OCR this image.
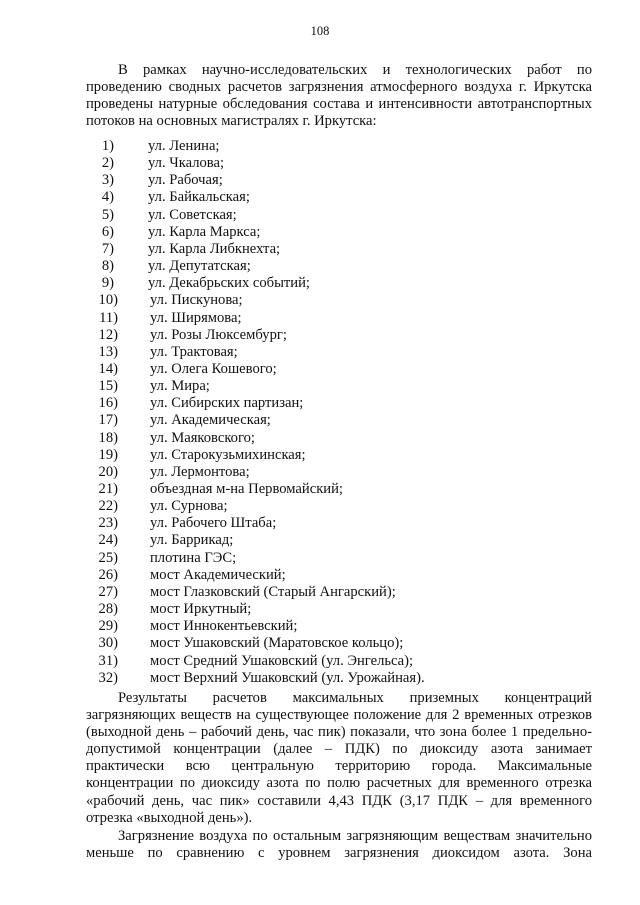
108

В рамках научно-исследовательских и технологических работ по проведению сводных расчетов загрязнения атмосферного воздуха г. Иркутска проведены натурные обследования состава и интенсивности автотранспортных потоков на основных магистралях г. Иркутска:

1) ул. Ленина;
2) ул. Чкалова;
3) ул. Рабочая;
4) ул. Байкальская;
5) ул. Советская;
6) ул. Карла Маркса;
7) ул. Карла Либкнехта;
8) ул. Депутатская;
9) ул. Декабрьских событий;
10) ул. Пискунова;
11) ул. Ширямова;
12) ул. Розы Люксембург;
13) ул. Трактовая;
14) ул. Олега Кошевого;
15) ул. Мира;
16) ул. Сибирских партизан;
17) ул. Академическая;
18) ул. Маяковского;
19) ул. Старокузьмихинская;
20) ул. Лермонтова;
21) объездная м-на Первомайский;
22) ул. Сурнова;
23) ул. Рабочего Штаба;
24) ул. Баррикад;
25) плотина ГЭС;
26) мост Академический;
27) мост Глазковский (Старый Ангарский);
28) мост Иркутный;
29) мост Иннокентьевский;
30) мост Ушаковский (Маратовское кольцо);
31) мост Средний Ушаковский (ул. Энгельса);
32) мост Верхний Ушаковский (ул. Урожайная).

Результаты расчетов максимальных приземных концентраций загрязняющих веществ на существующее положение для 2 временных отрезков (выходной день – рабочий день, час пик) показали, что зона более 1 предельно-допустимой концентрации (далее – ПДК) по диоксиду азота занимает практически всю центральную территорию города. Максимальные концентрации по диоксиду азота по полю расчетных для временного отрезка «рабочий день, час пик» составили 4,43 ПДК (3,17 ПДК – для временного отрезка «выходной день»).

Загрязнение воздуха по остальным загрязняющим веществам значительно меньше по сравнению с уровнем загрязнения диоксидом азота. Зона
